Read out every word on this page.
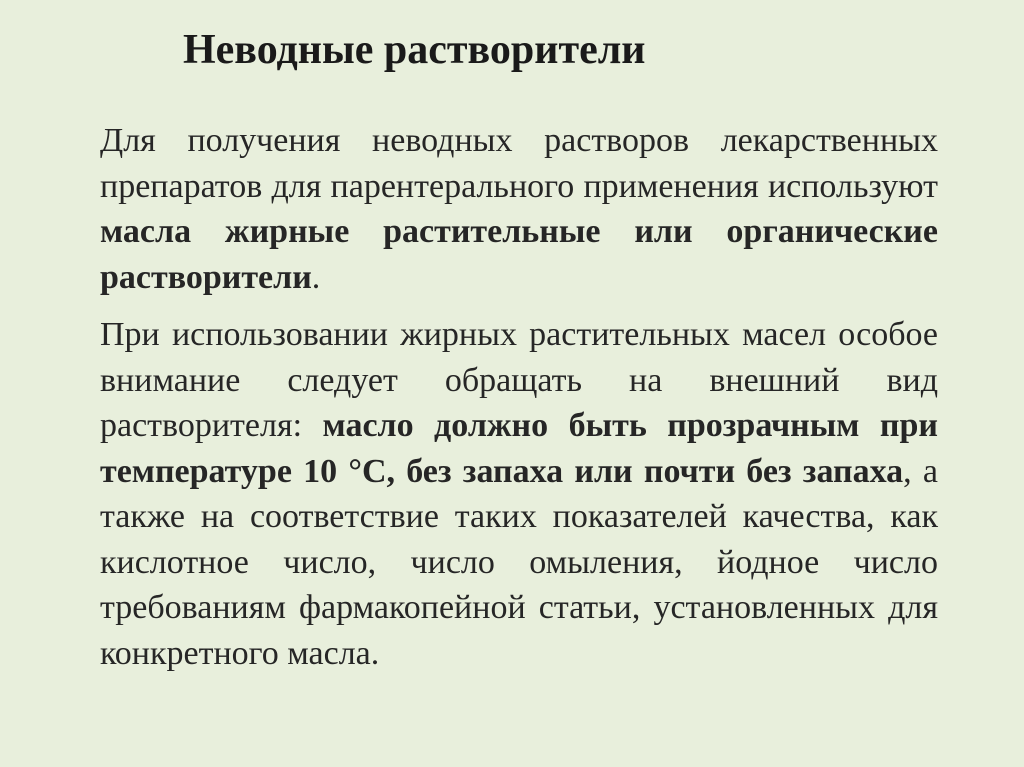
Неводные растворители

Для получения неводных растворов лекарственных препаратов для парентерального применения используют масла жирные растительные или органические растворители.

При использовании жирных растительных масел особое внимание следует обращать на внешний вид растворителя: масло должно быть прозрачным при температуре 10 °С, без запаха или почти без запаха, а также на соответствие таких показателей качества, как кислотное число, число омыления, йодное число требованиям фармакопейной статьи, установленных для конкретного масла.
